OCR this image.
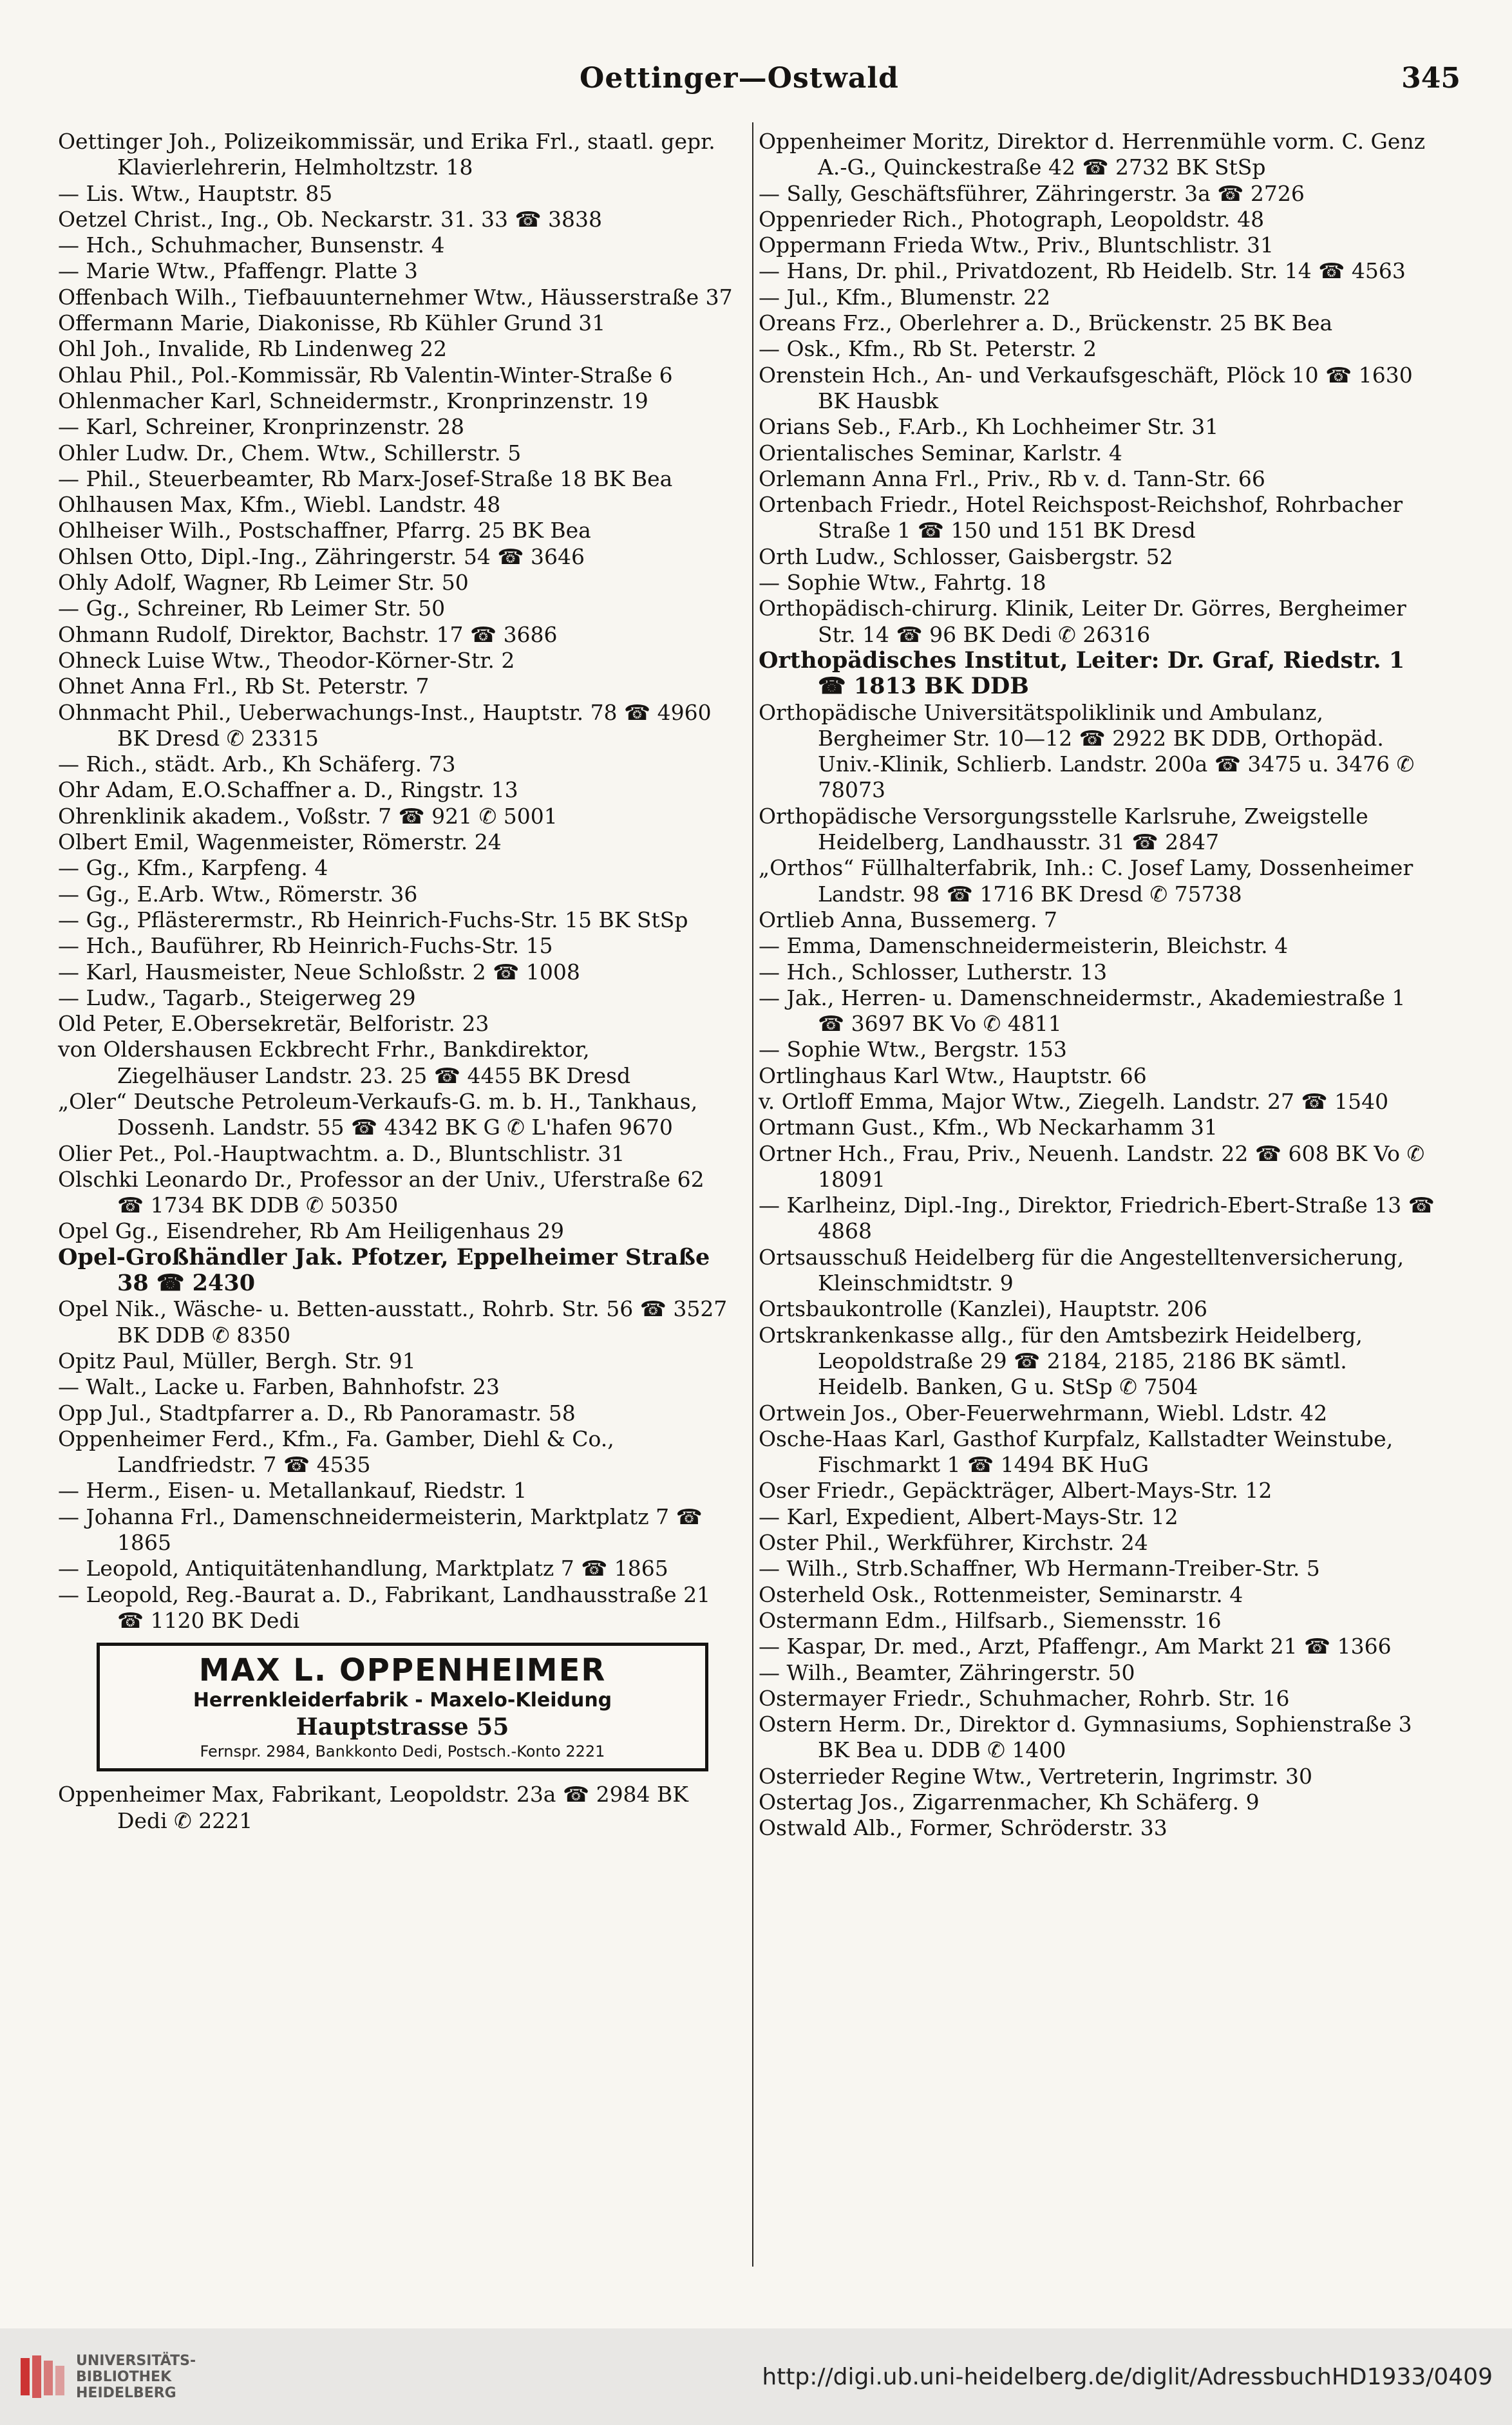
Oettinger—Ostwald	345

Oettinger Joh., Polizeikommissär, und Erika Frl., staatl. gepr. Klavierlehrerin, Helmholtzstr. 18

— Lis. Wtw., Hauptstr. 85

Oetzel Christ., Ing., Ob. Neckarstr. 31. 33 ☎ 3838

— Hch., Schuhmacher, Bunsenstr. 4

— Marie Wtw., Pfaffengr. Platte 3

Offenbach Wilh., Tiefbauunternehmer Wtw., Häusserstraße 37

Offermann Marie, Diakonisse, Rb Kühler Grund 31

Ohl Joh., Invalide, Rb Lindenweg 22

Ohlau Phil., Pol.-Kommissär, Rb Valentin-Winter-Straße 6

Ohlenmacher Karl, Schneidermstr., Kronprinzenstr. 19

— Karl, Schreiner, Kronprinzenstr. 28

Ohler Ludw. Dr., Chem. Wtw., Schillerstr. 5

— Phil., Steuerbeamter, Rb Marx-Josef-Straße 18 BK Bea

Ohlhausen Max, Kfm., Wiebl. Landstr. 48

Ohlheiser Wilh., Postschaffner, Pfarrg. 25 BK Bea

Ohlsen Otto, Dipl.-Ing., Zähringerstr. 54 ☎ 3646

Ohly Adolf, Wagner, Rb Leimer Str. 50

— Gg., Schreiner, Rb Leimer Str. 50

Ohmann Rudolf, Direktor, Bachstr. 17 ☎ 3686

Ohneck Luise Wtw., Theodor-Körner-Str. 2

Ohnet Anna Frl., Rb St. Peterstr. 7

Ohnmacht Phil., Ueberwachungs-Inst., Hauptstr. 78 ☎ 4960 BK Dresd ✆ 23315

— Rich., städt. Arb., Kh Schäferg. 73

Ohr Adam, E.O.Schaffner a. D., Ringstr. 13

Ohrenklinik akadem., Voßstr. 7 ☎ 921 ✆ 5001

Olbert Emil, Wagenmeister, Römerstr. 24

— Gg., Kfm., Karpfeng. 4

— Gg., E.Arb. Wtw., Römerstr. 36

— Gg., Pflästerermstr., Rb Heinrich-Fuchs-Str. 15 BK StSp

— Hch., Bauführer, Rb Heinrich-Fuchs-Str. 15

— Karl, Hausmeister, Neue Schloßstr. 2 ☎ 1008

— Ludw., Tagarb., Steigerweg 29

Old Peter, E.Obersekretär, Belforistr. 23

von Oldershausen Eckbrecht Frhr., Bankdirektor, Ziegelhäuser Landstr. 23. 25 ☎ 4455 BK Dresd

„Oler“ Deutsche Petroleum-Verkaufs-G. m. b. H., Tankhaus, Dossenh. Landstr. 55 ☎ 4342 BK G ✆ L'hafen 9670

Olier Pet., Pol.-Hauptwachtm. a. D., Bluntschlistr. 31

Olschki Leonardo Dr., Professor an der Univ., Uferstraße 62 ☎ 1734 BK DDB ✆ 50350

Opel Gg., Eisendreher, Rb Am Heiligenhaus 29

Opel-Großhändler Jak. Pfotzer, Eppelheimer Straße 38 ☎ 2430

Opel Nik., Wäsche- u. Betten-ausstatt., Rohrb. Str. 56 ☎ 3527 BK DDB ✆ 8350

Opitz Paul, Müller, Bergh. Str. 91

— Walt., Lacke u. Farben, Bahnhofstr. 23

Opp Jul., Stadtpfarrer a. D., Rb Panoramastr. 58

Oppenheimer Ferd., Kfm., Fa. Gamber, Diehl & Co., Landfriedstr. 7 ☎ 4535

— Herm., Eisen- u. Metallankauf, Riedstr. 1

— Johanna Frl., Damenschneidermeisterin, Marktplatz 7 ☎ 1865

— Leopold, Antiquitätenhandlung, Marktplatz 7 ☎ 1865

— Leopold, Reg.-Baurat a. D., Fabrikant, Landhausstraße 21 ☎ 1120 BK Dedi

MAX L. OPPENHEIMER
Herrenkleiderfabrik - Maxelo-Kleidung
Hauptstrasse 55
Fernspr. 2984, Bankkonto Dedi, Postsch.-Konto 2221

Oppenheimer Max, Fabrikant, Leopoldstr. 23a ☎ 2984 BK Dedi ✆ 2221

Oppenheimer Moritz, Direktor d. Herrenmühle vorm. C. Genz A.-G., Quinckestraße 42 ☎ 2732 BK StSp

— Sally, Geschäftsführer, Zähringerstr. 3a ☎ 2726

Oppenrieder Rich., Photograph, Leopoldstr. 48

Oppermann Frieda Wtw., Priv., Bluntschlistr. 31

— Hans, Dr. phil., Privatdozent, Rb Heidelb. Str. 14 ☎ 4563

— Jul., Kfm., Blumenstr. 22

Oreans Frz., Oberlehrer a. D., Brückenstr. 25 BK Bea

— Osk., Kfm., Rb St. Peterstr. 2

Orenstein Hch., An- und Verkaufsgeschäft, Plöck 10 ☎ 1630 BK Hausbk

Orians Seb., F.Arb., Kh Lochheimer Str. 31

Orientalisches Seminar, Karlstr. 4

Orlemann Anna Frl., Priv., Rb v. d. Tann-Str. 66

Ortenbach Friedr., Hotel Reichspost-Reichshof, Rohrbacher Straße 1 ☎ 150 und 151 BK Dresd

Orth Ludw., Schlosser, Gaisbergstr. 52

— Sophie Wtw., Fahrtg. 18

Orthopädisch-chirurg. Klinik, Leiter Dr. Görres, Bergheimer Str. 14 ☎ 96 BK Dedi ✆ 26316

Orthopädisches Institut, Leiter: Dr. Graf, Riedstr. 1 ☎ 1813 BK DDB

Orthopädische Universitätspoliklinik und Ambulanz, Bergheimer Str. 10—12 ☎ 2922 BK DDB, Orthopäd. Univ.-Klinik, Schlierb. Landstr. 200a ☎ 3475 u. 3476 ✆ 78073

Orthopädische Versorgungsstelle Karlsruhe, Zweigstelle Heidelberg, Landhausstr. 31 ☎ 2847

„Orthos“ Füllhalterfabrik, Inh.: C. Josef Lamy, Dossenheimer Landstr. 98 ☎ 1716 BK Dresd ✆ 75738

Ortlieb Anna, Bussemerg. 7

— Emma, Damenschneidermeisterin, Bleichstr. 4

— Hch., Schlosser, Lutherstr. 13

— Jak., Herren- u. Damenschneidermstr., Akademiestraße 1 ☎ 3697 BK Vo ✆ 4811

— Sophie Wtw., Bergstr. 153

Ortlinghaus Karl Wtw., Hauptstr. 66

v. Ortloff Emma, Major Wtw., Ziegelh. Landstr. 27 ☎ 1540

Ortmann Gust., Kfm., Wb Neckarhamm 31

Ortner Hch., Frau, Priv., Neuenh. Landstr. 22 ☎ 608 BK Vo ✆ 18091

— Karlheinz, Dipl.-Ing., Direktor, Friedrich-Ebert-Straße 13 ☎ 4868

Ortsausschuß Heidelberg für die Angestelltenversicherung, Kleinschmidtstr. 9

Ortsbaukontrolle (Kanzlei), Hauptstr. 206

Ortskrankenkasse allg., für den Amtsbezirk Heidelberg, Leopoldstraße 29 ☎ 2184, 2185, 2186 BK sämtl. Heidelb. Banken, G u. StSp ✆ 7504

Ortwein Jos., Ober-Feuerwehrmann, Wiebl. Ldstr. 42

Osche-Haas Karl, Gasthof Kurpfalz, Kallstadter Weinstube, Fischmarkt 1 ☎ 1494 BK HuG

Oser Friedr., Gepäckträger, Albert-Mays-Str. 12

— Karl, Expedient, Albert-Mays-Str. 12

Oster Phil., Werkführer, Kirchstr. 24

— Wilh., Strb.Schaffner, Wb Hermann-Treiber-Str. 5

Osterheld Osk., Rottenmeister, Seminarstr. 4

Ostermann Edm., Hilfsarb., Siemensstr. 16

— Kaspar, Dr. med., Arzt, Pfaffengr., Am Markt 21 ☎ 1366

— Wilh., Beamter, Zähringerstr. 50

Ostermayer Friedr., Schuhmacher, Rohrb. Str. 16

Ostern Herm. Dr., Direktor d. Gymnasiums, Sophienstraße 3 BK Bea u. DDB ✆ 1400

Osterrieder Regine Wtw., Vertreterin, Ingrimstr. 30

Ostertag Jos., Zigarrenmacher, Kh Schäferg. 9

Ostwald Alb., Former, Schröderstr. 33

UNIVERSITÄTS-
BIBLIOTHEK
HEIDELBERG
http://digi.ub.uni-heidelberg.de/diglit/AdressbuchHD1933/0409
